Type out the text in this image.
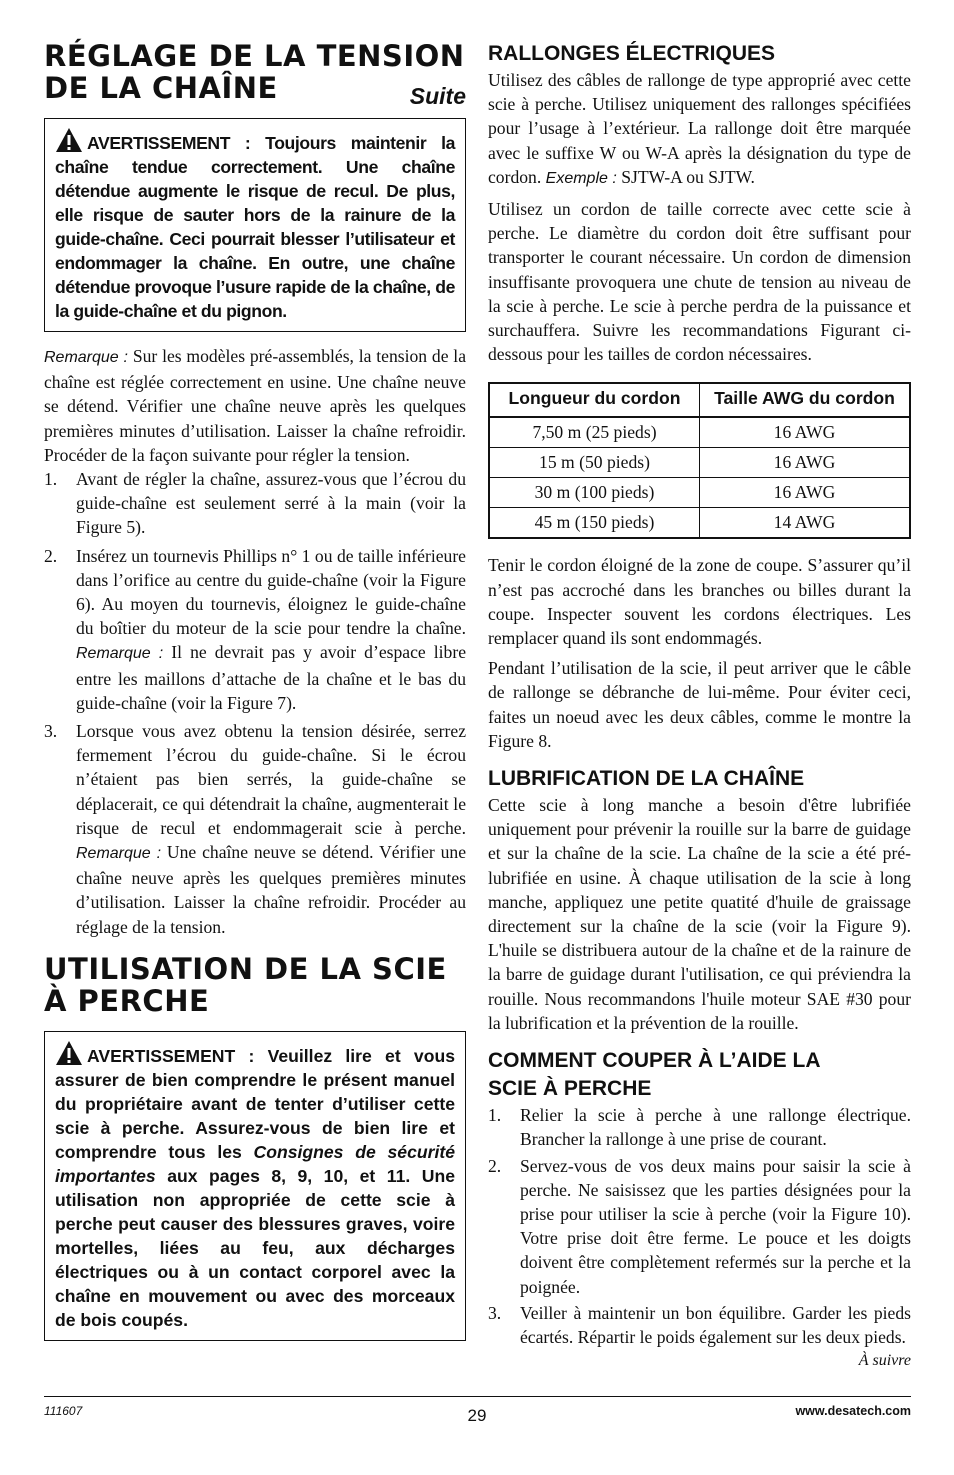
RÉGLAGE DE LA TENSION
DE LA CHAÎNE	Suite
AVERTISSEMENT : Toujours maintenir la chaîne tendue correctement. Une chaîne détendue augmente le risque de recul. De plus, elle risque de sauter hors de la rainure de la guide-chaîne. Ceci pourrait blesser l’utilisateur et endommager la chaîne. En outre, une chaîne détendue provoque l’usure rapide de la chaîne, de la guide-chaîne et du pignon.

Remarque : Sur les modèles pré-assemblés, la tension de la chaîne est réglée correctement en usine. Une chaîne neuve se détend. Vérifier une chaîne neuve après les quelques premières minutes d’utilisation. Laisser la chaîne refroidir. Procéder de la façon suivante pour régler la tension.

1. Avant de régler la chaîne, assurez-vous que l’écrou du guide-chaîne est seulement serré à la main (voir la Figure 5).
2. Insérez un tournevis Phillips n° 1 ou de taille inférieure dans l’orifice au centre du guide-chaîne (voir la Figure 6). Au moyen du tournevis, éloignez le guide-chaîne du boîtier du moteur de la scie pour tendre la chaîne. Remarque : Il ne devrait pas y avoir d’espace libre entre les maillons d’attache de la chaîne et le bas du guide-chaîne (voir la Figure 7).
3. Lorsque vous avez obtenu la tension désirée, serrez fermement l’écrou du guide-chaîne. Si le écrou n’étaient pas bien serrés, la guide-chaîne se déplacerait, ce qui détendrait la chaîne, augmenterait le risque de recul et endommagerait scie à perche. Remarque : Une chaîne neuve se détend. Vérifier une chaîne neuve après les quelques premières minutes d’utilisation. Laisser la chaîne refroidir. Procéder au réglage de la tension.
UTILISATION DE LA SCIE
À PERCHE
AVERTISSEMENT : Veuillez lire et vous assurer de bien comprendre le présent manuel du propriétaire avant de tenter d’utiliser cette scie à perche. Assurez-vous de bien lire et comprendre tous les Consignes de sécurité importantes aux pages 8, 9, 10, et 11. Une utilisation non appropriée de cette scie à perche peut causer des blessures graves, voire mortelles, liées au feu, aux décharges électriques ou à un contact corporel avec la chaîne en mouvement ou avec des morceaux de bois coupés.
RALLONGES ÉLECTRIQUES

Utilisez des câbles de rallonge de type approprié avec cette scie à perche. Utilisez uniquement des rallonges spécifiées pour l’usage à l’extérieur. La rallonge doit être marquée avec le suffixe W ou W-A après la désignation du type de cordon. Exemple : SJTW-A ou SJTW.

Utilisez un cordon de taille correcte avec cette scie à perche. Le diamètre du cordon doit être suffisant pour transporter le courant nécessaire. Un cordon de dimension insuffisante provoquera une chute de tension au niveau de la scie à perche. Le scie à perche perdra de la puissance et surchauffera. Suivre les recommandations Figurant ci-dessous pour les tailles de cordon nécessaires.

Longueur du cordon	Taille AWG du cordon
7,50 m (25 pieds)	16 AWG
15 m (50 pieds)	16 AWG
30 m (100 pieds)	16 AWG
45 m (150 pieds)	14 AWG

Tenir le cordon éloigné de la zone de coupe. S’assurer qu’il n’est pas accroché dans les branches ou billes durant la coupe. Inspecter souvent les cordons électriques. Les remplacer quand ils sont endommagés.

Pendant l’utilisation de la scie, il peut arriver que le câble de rallonge se débranche de lui-même. Pour éviter ceci, faites un noeud avec les deux câbles, comme le montre la Figure 8.

LUBRIFICATION DE LA CHAÎNE

Cette scie à long manche a besoin d'être lubrifiée uniquement pour prévenir la rouille sur la barre de guidage et sur la chaîne de la scie. La chaîne de la scie a été pré-lubrifiée en usine. À chaque utilisation de la scie à long manche, appliquez une petite quatité d'huile de graissage directement sur la chaîne de la scie (voir la Figure 9). L'huile se distribuera autour de la chaîne et de la rainure de la barre de guidage durant l'utilisation, ce qui préviendra la rouille. Nous recommandons l'huile moteur SAE #30 pour la lubrification et la prévention de la rouille.

COMMENT COUPER À L’AIDE LA
SCIE À PERCHE
1. Relier la scie à perche à une rallonge électrique. Brancher la rallonge à une prise de courant.
2. Servez-vous de vos deux mains pour saisir la scie à perche. Ne saisissez que les parties désignées pour la prise pour utiliser la scie à perche (voir la Figure 10). Votre prise doit être ferme. Le pouce et les doigts doivent être complètement refermés sur la perche et la poignée.
3. Veiller à maintenir un bon équilibre. Garder les pieds écartés. Répartir le poids également sur les deux pieds.

À suivre

111607	29	www.desatech.com
